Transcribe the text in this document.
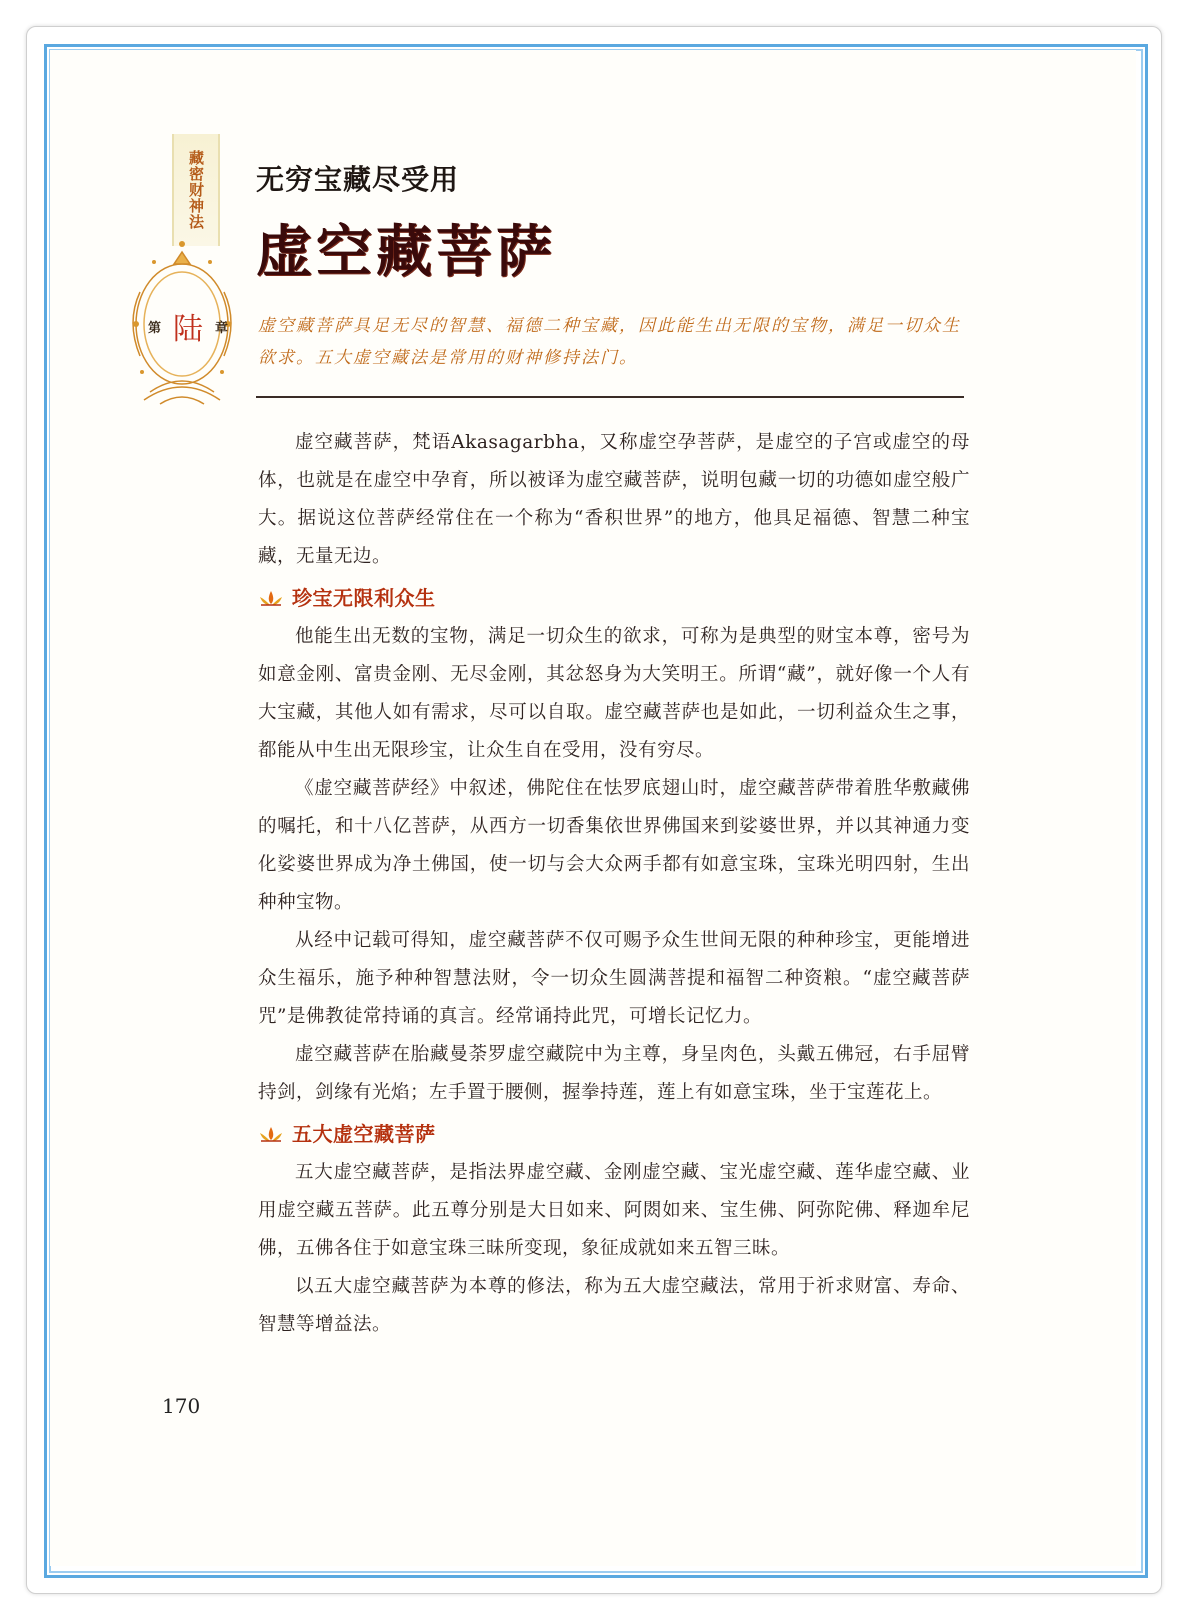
藏密财神法
第 陆 章
无穷宝藏尽受用
虚空藏菩萨
虚空藏菩萨具足无尽的智慧、福德二种宝藏，因此能生出无限的宝物，满足一切众生欲求。五大虚空藏法是常用的财神修持法门。

虚空藏菩萨，梵语Akasagarbha，又称虚空孕菩萨，是虚空的子宫或虚空的母体，也就是在虚空中孕育，所以被译为虚空藏菩萨，说明包藏一切的功德如虚空般广大。据说这位菩萨经常住在一个称为“香积世界”的地方，他具足福德、智慧二种宝藏，无量无边。

珍宝无限利众生

他能生出无数的宝物，满足一切众生的欲求，可称为是典型的财宝本尊，密号为如意金刚、富贵金刚、无尽金刚，其忿怒身为大笑明王。所谓“藏”，就好像一个人有大宝藏，其他人如有需求，尽可以自取。虚空藏菩萨也是如此，一切利益众生之事，都能从中生出无限珍宝，让众生自在受用，没有穷尽。

《虚空藏菩萨经》中叙述，佛陀住在怯罗底翅山时，虚空藏菩萨带着胜华敷藏佛的嘱托，和十八亿菩萨，从西方一切香集依世界佛国来到娑婆世界，并以其神通力变化娑婆世界成为净土佛国，使一切与会大众两手都有如意宝珠，宝珠光明四射，生出种种宝物。

从经中记载可得知，虚空藏菩萨不仅可赐予众生世间无限的种种珍宝，更能增进众生福乐，施予种种智慧法财，令一切众生圆满菩提和福智二种资粮。“虚空藏菩萨咒”是佛教徒常持诵的真言。经常诵持此咒，可增长记忆力。

虚空藏菩萨在胎藏曼荼罗虚空藏院中为主尊，身呈肉色，头戴五佛冠，右手屈臂持剑，剑缘有光焰；左手置于腰侧，握拳持莲，莲上有如意宝珠，坐于宝莲花上。

五大虚空藏菩萨

五大虚空藏菩萨，是指法界虚空藏、金刚虚空藏、宝光虚空藏、莲华虚空藏、业用虚空藏五菩萨。此五尊分别是大日如来、阿閦如来、宝生佛、阿弥陀佛、释迦牟尼佛，五佛各住于如意宝珠三昧所变现，象征成就如来五智三昧。

以五大虚空藏菩萨为本尊的修法，称为五大虚空藏法，常用于祈求财富、寿命、智慧等增益法。

170
